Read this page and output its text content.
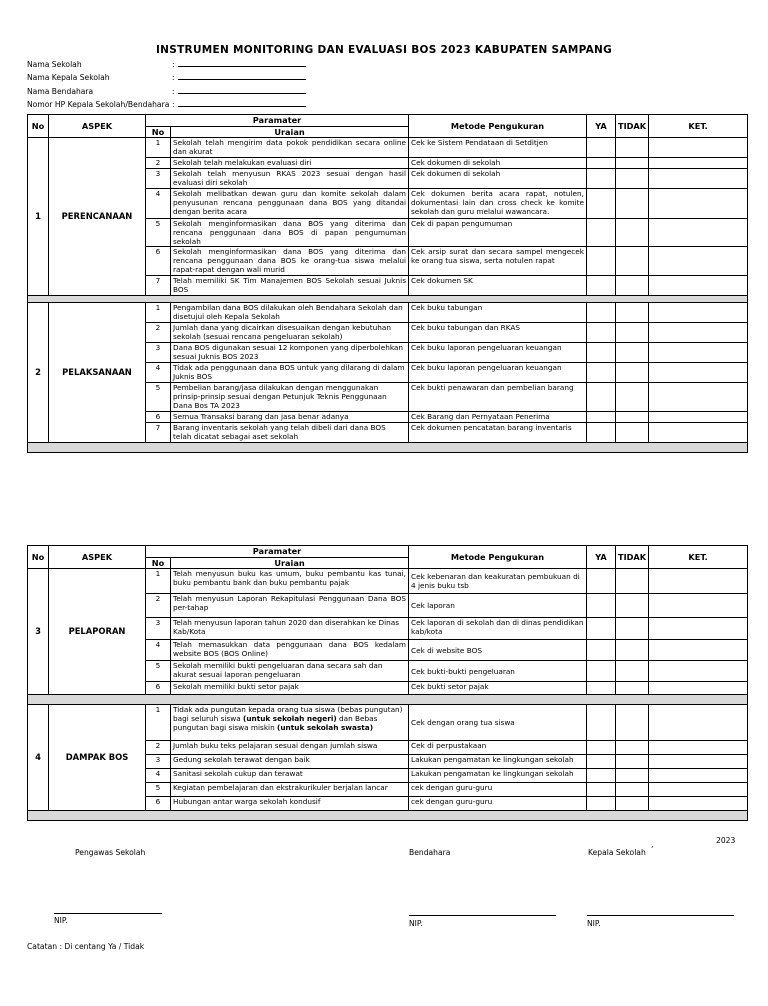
INSTRUMEN MONITORING DAN EVALUASI BOS 2023 KABUPATEN SAMPANG
Nama Sekolah	:
Nama Kepala Sekolah	:
Nama Bendahara	:
Nomor HP Kepala Sekolah/Bendahara :
No	ASPEK	Paramater		Metode Pengukuran	YA	TIDAK	KET.
		No	Uraian				
1	PERENCANAAN	1	Sekolah telah mengirim data pokok pendidikan secara online dan akurat	Cek ke Sistem Pendataan di Setditjen			
		2	Sekolah telah melakukan evaluasi diri	Cek dokumen di sekolah			
		3	Sekolah telah menyusun RKAS 2023 sesuai dengan hasil evaluasi diri sekolah	Cek dokumen di sekolah			
		4	Sekolah melibatkan dewan guru dan komite sekolah dalam penyusunan rencana penggunaan dana BOS yang ditandai dengan berita acara	Cek dokumen berita acara rapat, notulen, dokumentasi lain dan cross check ke komite sekolah dan guru melalui wawancara.			
		5	Sekolah menginformasikan dana BOS yang diterima dan rencana penggunaan dana BOS di papan pengumuman sekolah	Cek di papan pengumuman			
		6	Sekolah menginformasikan dana BOS yang diterima dan rencana penggunaan dana BOS ke orang-tua siswa melalui rapat-rapat dengan wali murid	Cek arsip surat dan secara sampel mengecek ke orang tua siswa, serta notulen rapat			
		7	Telah memiliki SK Tim Manajemen BOS Sekolah sesuai Juknis BOS	Cek dokumen SK			

2	PELAKSANAAN	1	Pengambilan dana BOS dilakukan oleh Bendahara Sekolah dan disetujui oleh Kepala Sekolah	Cek buku tabungan			
		2	Jumlah dana yang dicairkan disesuaikan dengan kebutuhan sekolah (sesuai rencana pengeluaran sekolah)	Cek buku tabungan dan RKAS			
		3	Dana BOS digunakan sesuai 12 komponen yang diperbolehkan sesuai Juknis BOS 2023	Cek buku laporan pengeluaran keuangan			
		4	Tidak ada penggunaan dana BOS untuk yang dilarang di dalam Juknis BOS	Cek buku laporan pengeluaran keuangan			
		5	Pembelian barang/jasa dilakukan dengan menggunakan prinsip-prinsip sesuai dengan Petunjuk Teknis Penggunaan Dana Bos TA 2023	Cek bukti penawaran dan pembelian barang			
		6	Semua Transaksi barang dan jasa benar adanya	Cek Barang dan Pernyataan Penerima			
		7	Barang inventaris sekolah yang telah dibeli dari dana BOS telah dicatat sebagai aset sekolah	Cek dokumen pencatatan barang inventaris			

No	ASPEK	Paramater		Metode Pengukuran	YA	TIDAK	KET.
		No	Uraian				
3	PELAPORAN	1	Telah menyusun buku kas umum, buku pembantu kas tunai, buku pembantu bank dan buku pembantu pajak	Cek kebenaran dan keakuratan pembukuan di 4 jenis buku tsb			
		2	Telah menyusun Laporan Rekapitulasi Penggunaan Dana BOS per-tahap	Cek laporan			
		3	Telah menyusun laporan tahun 2020 dan diserahkan ke Dinas Kab/Kota	Cek laporan di sekolah dan di dinas pendidikan kab/kota			
		4	Telah memasukkan data penggunaan dana BOS kedalam website BOS (BOS Online)	Cek di website BOS			
		5	Sekolah memiliki bukti pengeluaran dana secara sah dan akurat sesuai laporan pengeluaran	Cek bukti-bukti pengeluaran			
		6	Sekolah memiliki bukti setor pajak	Cek bukti setor pajak			

4	DAMPAK BOS	1	Tidak ada pungutan kepada orang tua siswa (bebas pungutan) bagi seluruh siswa (untuk sekolah negeri) dan Bebas pungutan bagi siswa miskin (untuk sekolah swasta)	Cek dengan orang tua siswa			
		2	Jumlah buku teks pelajaran sesuai dengan jumlah siswa	Cek di perpustakaan			
		3	Gedung sekolah terawat dengan baik	Lakukan pengamatan ke lingkungan sekolah			
		4	Sanitasi sekolah cukup dan terawat	Lakukan pengamatan ke lingkungan sekolah			
		5	Kegiatan pembelajaran dan ekstrakurikuler berjalan lancar	cek dengan guru-guru			
		6	Hubungan antar warga sekolah kondusif	cek dengan guru-guru			

,	2023
Pengawas Sekolah	Bendahara	Kepala Sekolah
NIP.	NIP.	NIP.
Catatan : Di centang Ya / Tidak
